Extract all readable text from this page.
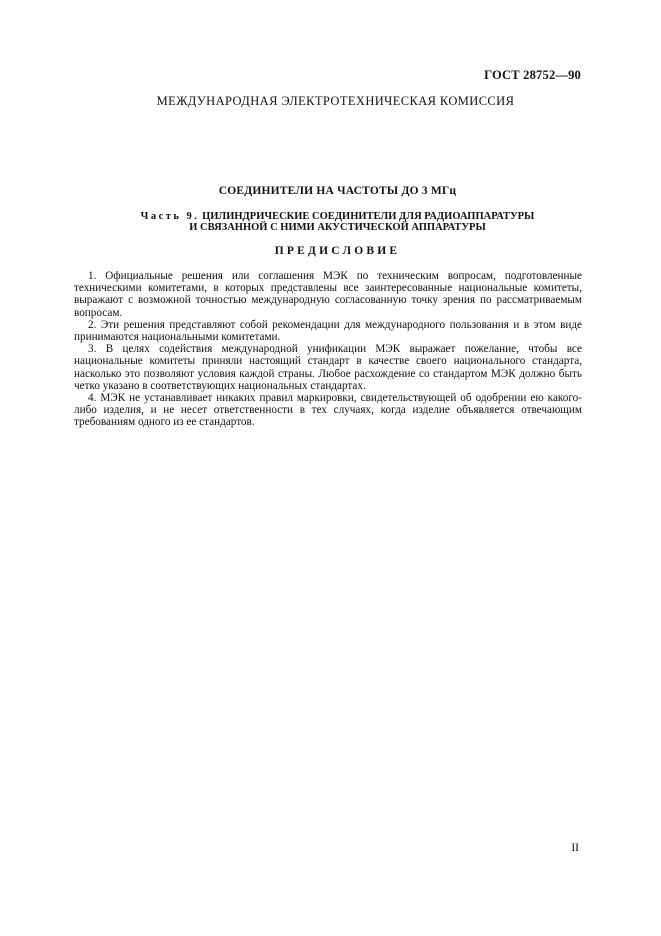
ГОСТ 28752—90
МЕЖДУНАРОДНАЯ ЭЛЕКТРОТЕХНИЧЕСКАЯ КОМИССИЯ
СОЕДИНИТЕЛИ НА ЧАСТОТЫ ДО 3 МГц
Часть 9. ЦИЛИНДРИЧЕСКИЕ СОЕДИНИТЕЛИ ДЛЯ РАДИОАППАРАТУРЫ
И СВЯЗАННОЙ С НИМИ АКУСТИЧЕСКОЙ АППАРАТУРЫ
ПРЕДИСЛОВИЕ

1. Официальные решения или соглашения МЭК по техническим вопросам, подготовленные техническими комитетами, в которых представлены все заинтересованные национальные комитеты, выражают с возможной точностью международную согласованную точку зрения по рассматриваемым вопросам.

2. Эти решения представляют собой рекомендации для международного пользования и в этом виде принимаются национальными комитетами.

3. В целях содействия международной унификации МЭК выражает пожелание, чтобы все национальные комитеты приняли настоящий стандарт в качестве своего национального стандарта, насколько это позволяют условия каждой страны. Любое расхождение со стандартом МЭК должно быть четко указано в соответствующих национальных стандартах.

4. МЭК не устанавливает никаких правил маркировки, свидетельствующей об одобрении ею какого-либо изделия, и не несет ответственности в тех случаях, когда изделие объявляется отвечающим требованиям одного из ее стандартов.

II
